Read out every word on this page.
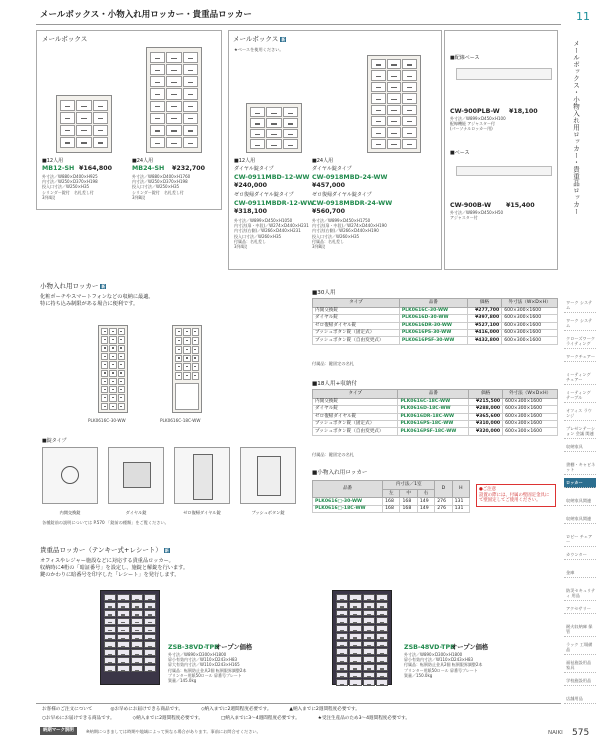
メールボックス・小物入れ用ロッカー・貴重品ロッカー	11
メールボックス・小物入れ用ロッカー・貴重品ロッカー
ワーク システム
ワーク システム
クローズワーク ライティング
ワークチェアー
ミーティング チェアー
ミーティング テーブル
オフィス ラウンジ
プレゼンテーション 会議 関連
収納家具
書棚・キャビネット
ロッカー
収納家具関連
収納家具関連
ロビー チェアー
カウンター
金庫
防災セキュリティ 用品
アクセサリー
耐火収納庫 保管
ラック 工場備品
福祉施設用品 家具
学校施設用品
店舗用品
メールボックス
■12人用
MB12-SH ¥164,800
外寸法／W880×D400×H925
内寸法／W250×D370×H198
投入口寸法／W250×H35
シリンダー錠付　名札差し付
3列4段
■24人用
MB24-SH ¥232,700
外寸法／W880×D400×H1760
内寸法／W250×D370×H198
投入口寸法／W250×H35
シリンダー錠付　名札差し付
3列8段
メールボックス 新
★ベースを使用ください。
■12人用
ダイヤル錠タイプ
CW-0911MBD-12-WW
¥240,000
ゼロ復帰ダイヤル錠タイプ
CW-0911MBDR-12-WW
¥318,100
外寸法／W899×D450×H1050
内寸法(扉・中段)／W274×D440×H231
内寸法(右側)／W266×D440×H231
投入口寸法／W260×H35
付属品：名札差し
3列4段
■24人用
ダイヤル錠タイプ
CW-0918MBD-24-WW
¥457,000
ゼロ復帰ダイヤル錠タイプ
CW-0918MBDR-24-WW
¥560,700
外寸法／W899×D450×H1750
内寸法(扉・中段)／W274×D440×H190
内寸法(右側)／W266×D440×H190
投入口寸法／W260×H35
付属品：名札差し
3列8段
■配線ベース
CW-900PLB-W ¥18,100
外寸法／W899×D450×H100
配線機能 アジャスター付
(パーソナルロッカー用)
■ベース
CW-900B-W ¥15,400
外寸法／W899×D450×H50
アジャスター付
小物入れ用ロッカー 新
化粧ポーチやスマートフォンなどの収納に最適。
特に持ち込み制限がある場合に便利です。
PLK0616C-30-WW	PLK0616C-18C-WW
■錠タイプ
内開交換錠	ダイヤル錠	ゼロ復帰ダイヤル錠	プッシュボタン錠
各種錠前の説明については P.570 「錠前の種類」をご覧ください。
■30人用
タイプ	品番	価格	外寸法（W×D×H）
内開交換錠	PLK0616C-30-WW	¥277,700	600×300×1600
ダイヤル錠	PLK0616D-30-WW	¥397,800	600×300×1600
ゼロ復帰ダイヤル錠	PLK0616DR-30-WW	¥527,100	600×300×1600
プッシュボタン錠（固定式）	PLK0616PS-30-WW	¥416,000	600×300×1600
プッシュボタン錠（自由変更式）	PLK0616PSF-30-WW	¥432,800	600×300×1600
付属品：鍵固定の名札
■18人用+収納付
タイプ	品番	価格	外寸法（W×D×H）
内開交換錠	PLK0616C-18C-WW	¥215,500	600×300×1600
ダイヤル錠	PLK0616D-18C-WW	¥288,000	600×300×1600
ゼロ復帰ダイヤル錠	PLK0616DR-18C-WW	¥365,600	600×300×1600
プッシュボタン錠（固定式）	PLK0616PS-18C-WW	¥310,000	600×300×1600
プッシュボタン錠（自由変更式）	PLK0616PSF-18C-WW	¥320,000	600×300×1600
付属品：鍵固定の名札
■小物入れ用ロッカー
品番	内寸法／1室			D	H
	左	中	右		
PLK0616□-30-WW	168	168	149	276	131
PLK0616□-18C-WW	168	168	149	276	131
●ご注意
設置の際には、付属の壁固定金具にて壁固定してご使用ください。
貴重品ロッカー（テンキー式+レシート） 新
オフィスやレジャー施設などに対応する貴重品ロッカー。
収納時に4桁の「暗証番号」を設定し、施錠と解錠を行います。
鍵のかわりに暗番号を印字した「レシート」を発行します。
ZSB-38VD-TPR
オープン価格
外寸法／W890×D300×H1800
扉小有効内寸法／W110×D243×H83
扉大有効内寸法／W110×D243×H165
付属品：転倒防止金具2個 転倒限界調整2本
プリンター用紙50ロール 扉番号プレート
質量／145.0kg
ZSB-48VD-TPR
オープン価格
外寸法／W890×D300×H1800
扉小有効内寸法／W110×D243×H83
付属品：転倒防止金具2個 転倒限界調整2本
プリンター用紙50ロール 扉番号プレート
質量／150.0kg
お客様のご注文について	◎お早めにお届けできる商品です。	◇納入までに2週間程度必要です。	▲納入までに2週間程度必要です。
○お早めにお届けできる商品です。	◇納入までに2週間程度必要です。	□納入までに3～4週間程度必要です。	★受注生産品のため3～4週間程度必要です。
納期マーク説明	※納期につきましては時期や地域によって異なる場合があります。事前にお問合せください。	NAIKI 575
